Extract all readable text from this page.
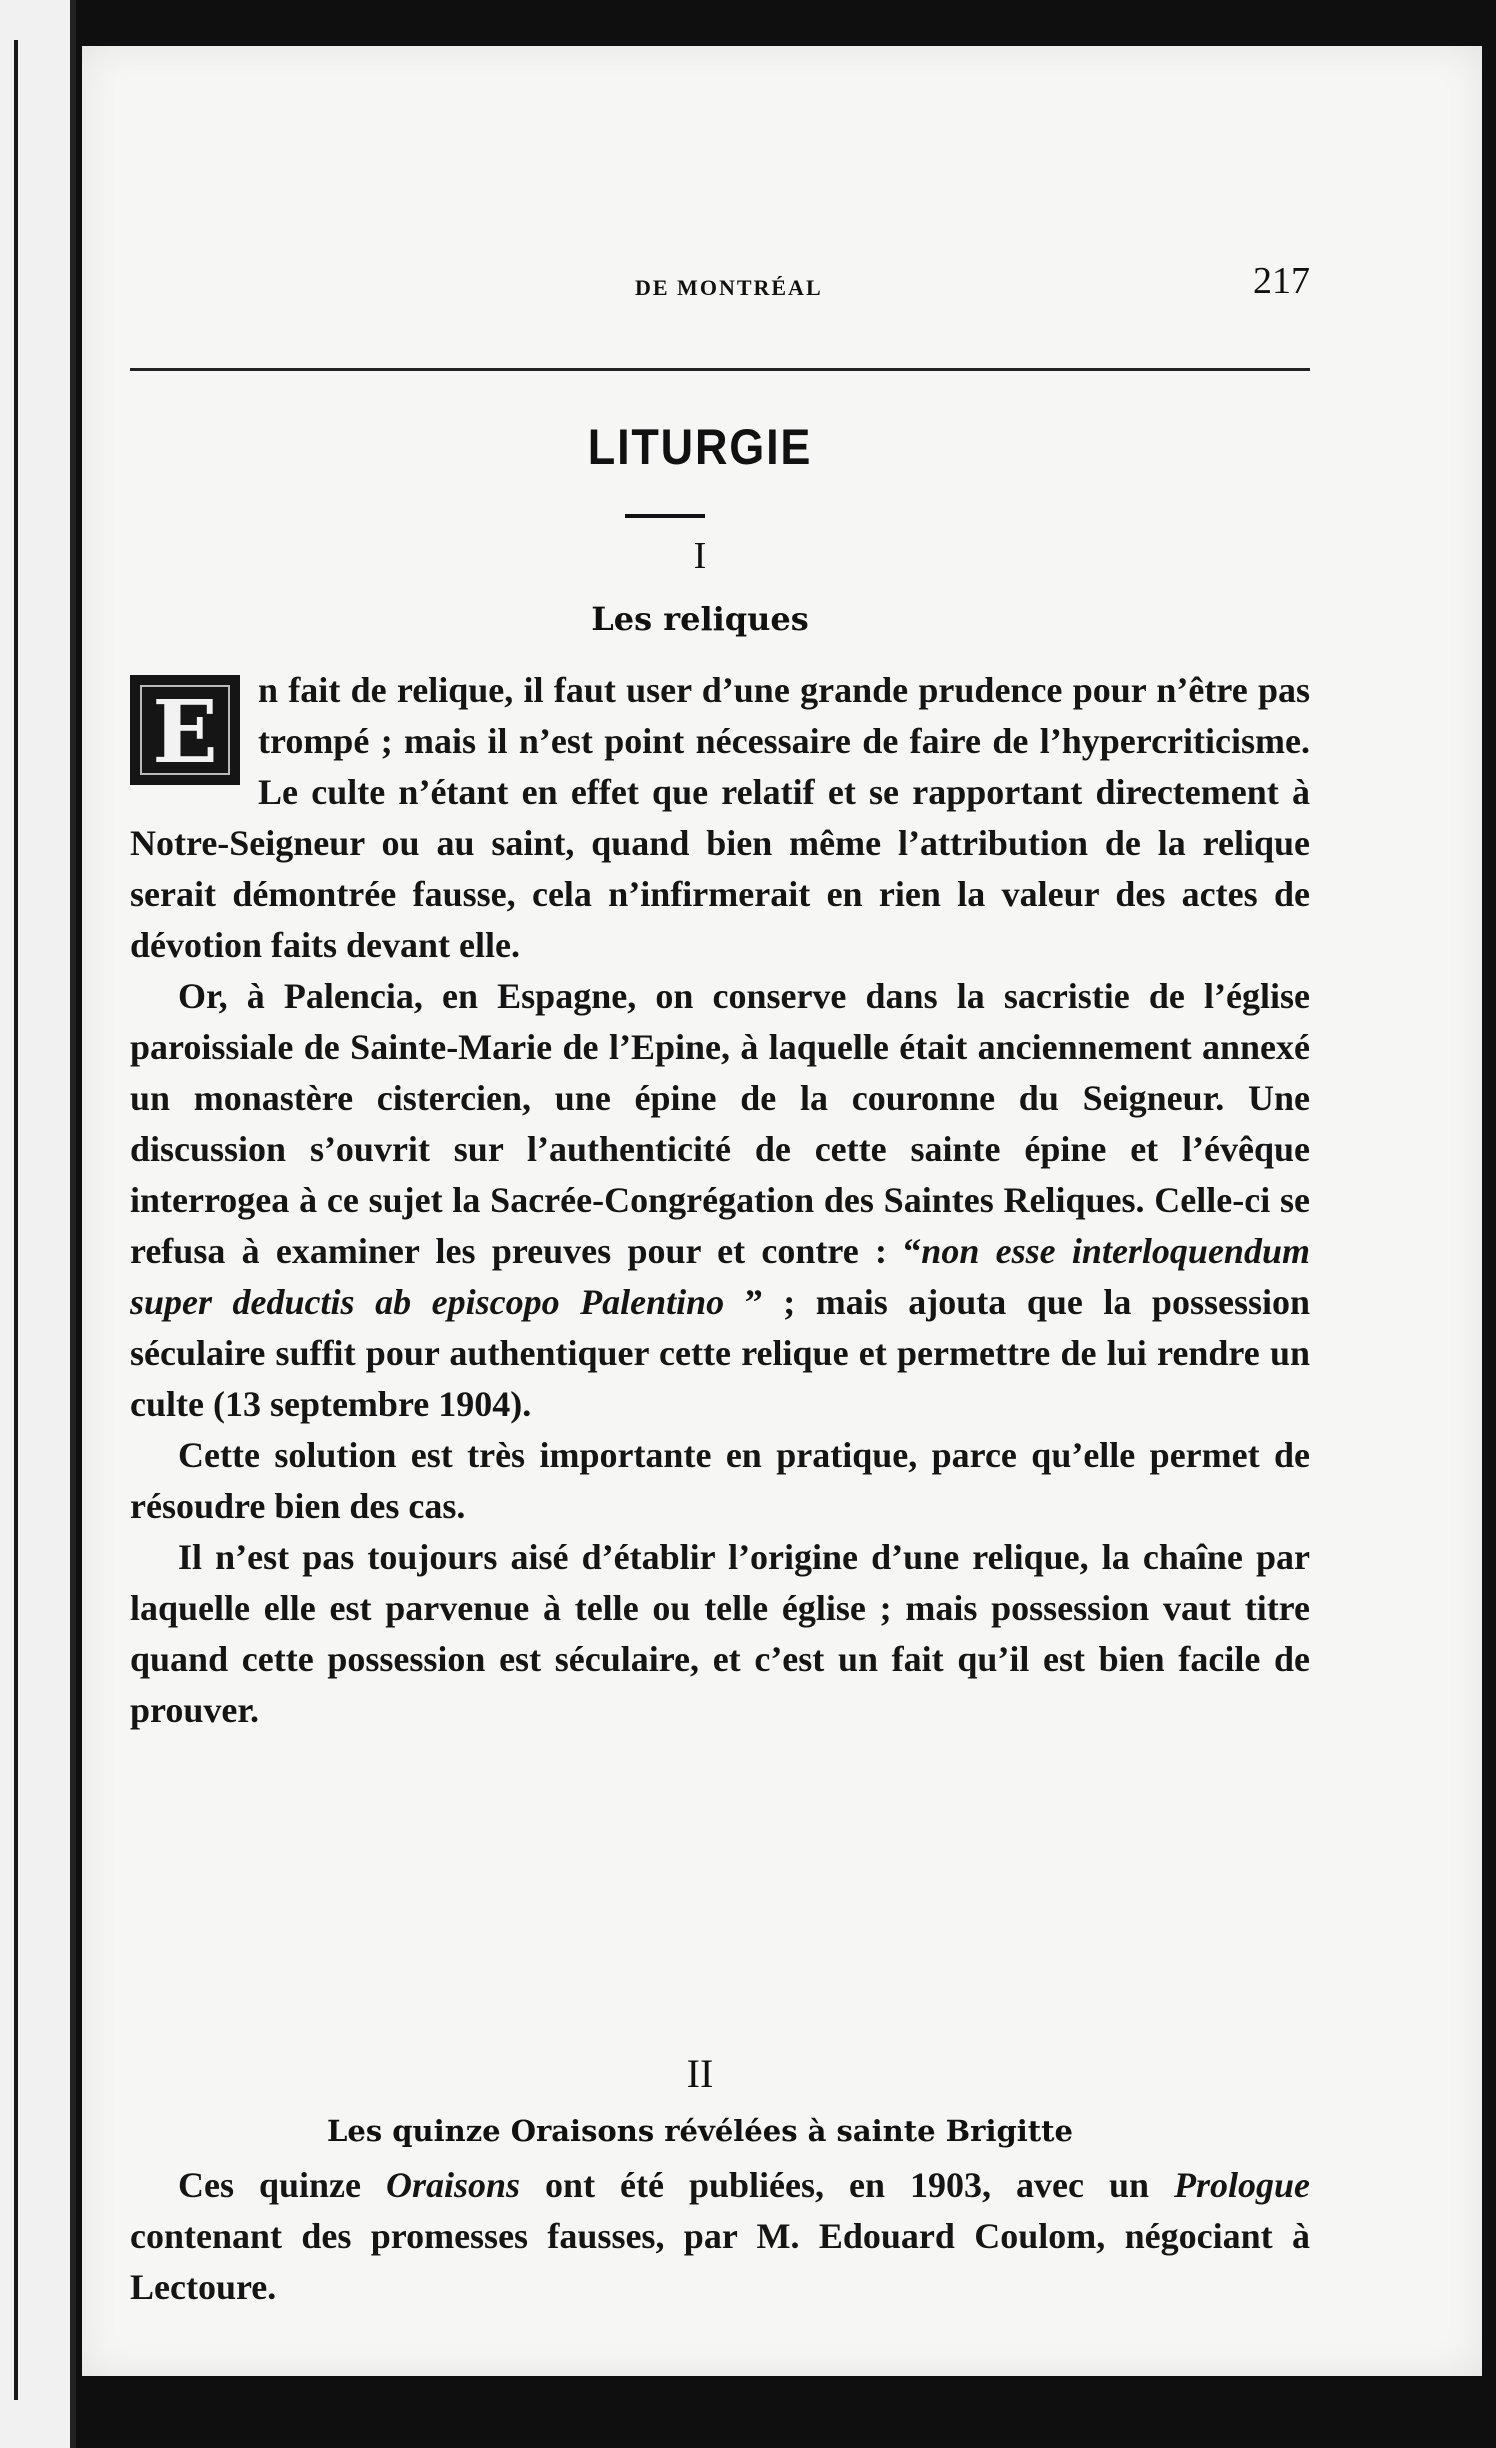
DE MONTRÉAL	217
LITURGIE
I
Les reliques

E	n fait de relique, il faut user d’une grande prudence pour n’être pas trompé ; mais il n’est point nécessaire de faire de l’hypercriticisme. Le culte n’étant en effet que relatif et se rapportant directement à Notre-Seigneur ou au saint, quand bien même l’attribution de la relique serait démontrée fausse, cela n’infirmerait en rien la valeur des actes de dévotion faits devant elle.

Or, à Palencia, en Espagne, on conserve dans la sacristie de l’église paroissiale de Sainte-Marie de l’Epine, à laquelle était anciennement annexé un monastère cistercien, une épine de la couronne du Seigneur. Une discussion s’ouvrit sur l’authenticité de cette sainte épine et l’évêque interrogea à ce sujet la Sacrée-Congrégation des Saintes Reliques. Celle-ci se refusa à examiner les preuves pour et contre : “non esse interloquendum super deductis ab episcopo Palentino ” ; mais ajouta que la possession séculaire suffit pour authentiquer cette relique et permettre de lui rendre un culte (13 septembre 1904).

Cette solution est très importante en pratique, parce qu’elle permet de résoudre bien des cas.

Il n’est pas toujours aisé d’établir l’origine d’une relique, la chaîne par laquelle elle est parvenue à telle ou telle église ; mais possession vaut titre quand cette possession est séculaire, et c’est un fait qu’il est bien facile de prouver.

II
Les quinze Oraisons révélées à sainte Brigitte

Ces quinze Oraisons ont été publiées, en 1903, avec un Prologue contenant des promesses fausses, par M. Edouard Coulom, négociant à Lectoure.
